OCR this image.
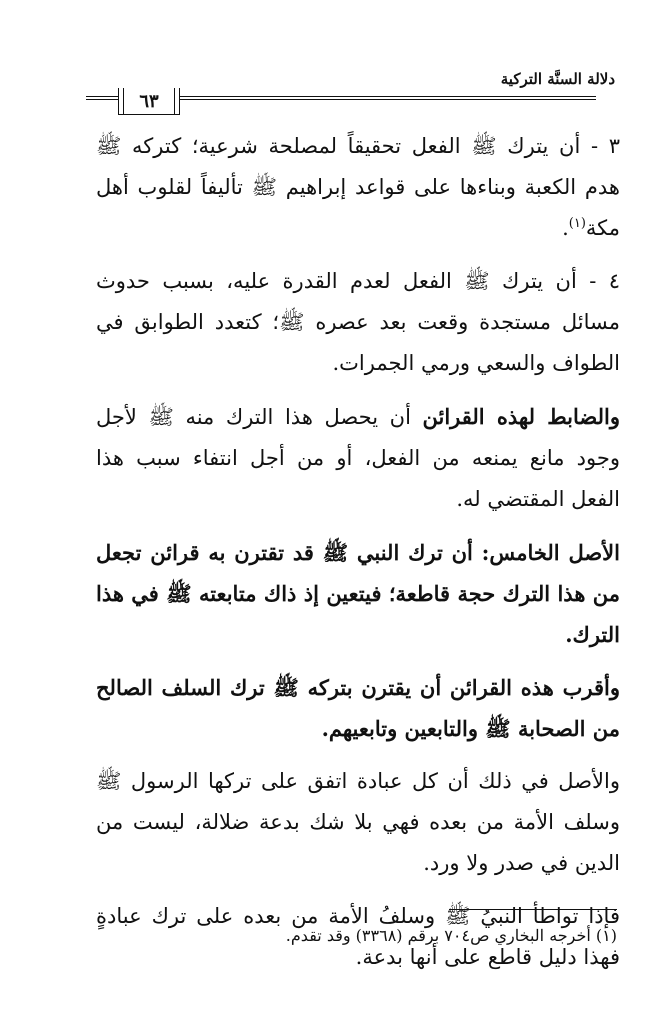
دلالة السنَّة التركية
٦٣

٣ - أن يترك ﷺ الفعل تحقيقاً لمصلحة شرعية؛ كتركه ﷺ هدم الكعبة وبناءها على قواعد إبراهيم ﷺ تأليفاً لقلوب أهل مكة$^{(١)}$.

٤ - أن يترك ﷺ الفعل لعدم القدرة عليه، بسبب حدوث مسائل مستجدة وقعت بعد عصره ﷺ؛ كتعدد الطوابق في الطواف والسعي ورمي الجمرات.

والضابط لهذه القرائن أن يحصل هذا الترك منه ﷺ لأجل وجود مانع يمنعه من الفعل، أو من أجل انتفاء سبب هذا الفعل المقتضي له.

الأصل الخامس: أن ترك النبي ﷺ قد تقترن به قرائن تجعل من هذا الترك حجة قاطعة؛ فيتعين إذ ذاك متابعته ﷺ في هذا الترك.

وأقرب هذه القرائن أن يقترن بتركه ﷺ ترك السلف الصالح من الصحابة ﷺ والتابعين وتابعيهم.

والأصل في ذلك أن كل عبادة اتفق على تركها الرسول ﷺ وسلف الأمة من بعده فهي بلا شك بدعة ضلالة، ليست من الدين في صدر ولا ورد.

فإذا تواطأ النبيُ ﷺ وسلفُ الأمة من بعده على ترك عبادةٍ فهذا دليل قاطع على أنها بدعة.

(١) أخرجه البخاري ص٧٠٤ برقم (٣٣٦٨) وقد تقدم.
